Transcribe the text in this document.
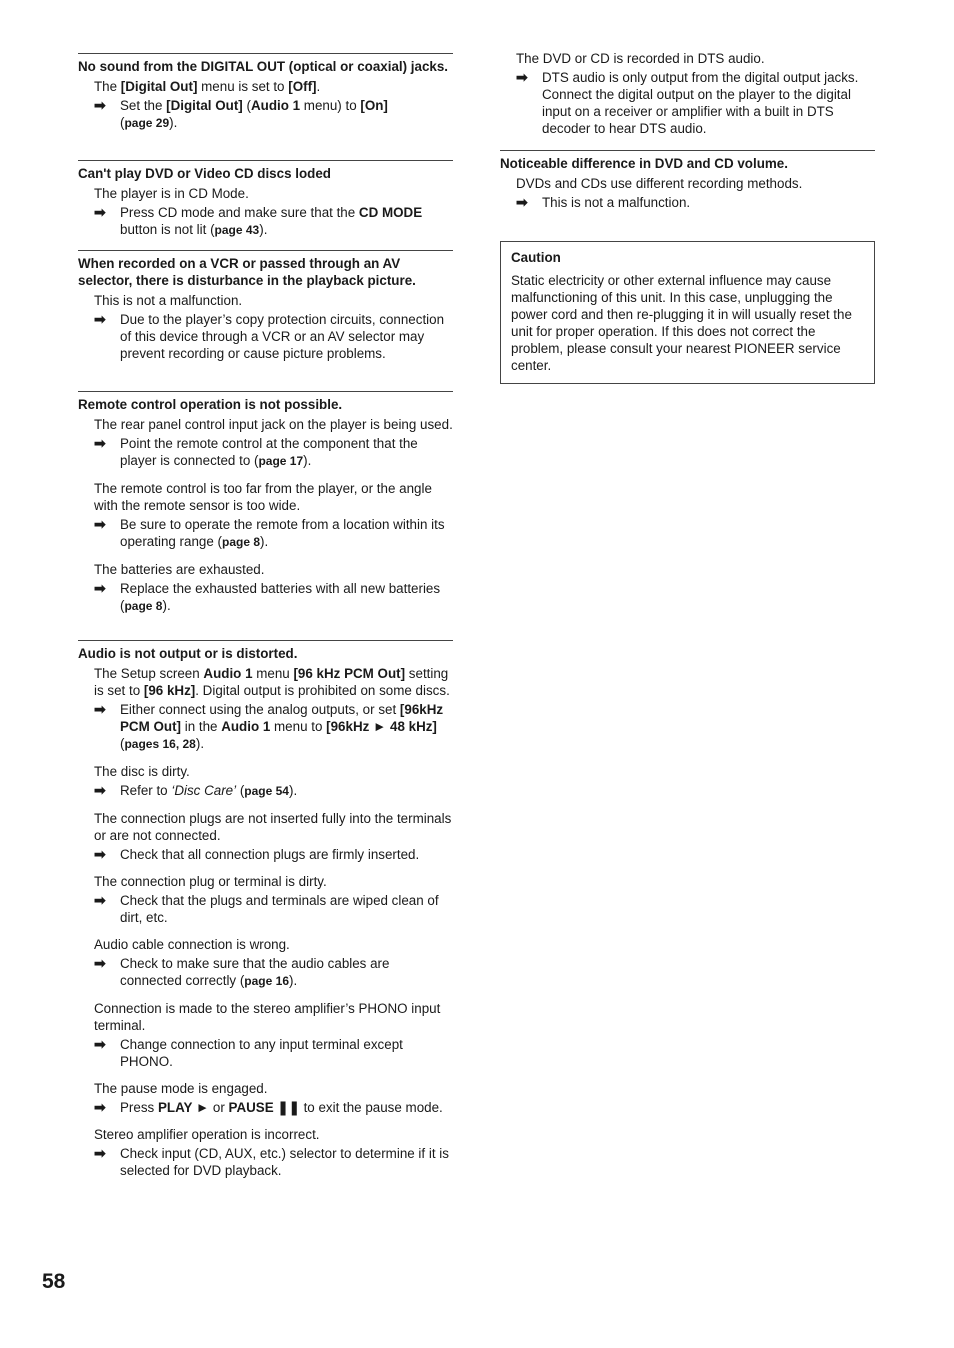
No sound from the DIGITAL OUT (optical or coaxial) jacks.

The [Digital Out] menu is set to [Off].

➡ Set the [Digital Out] (Audio 1 menu) to [On]
(page 29).

Can't play DVD or Video CD discs loded

The player is in CD Mode.

➡ Press CD mode and make sure that the CD MODE button is not lit (page 43).

When recorded on a VCR or passed through an AV selector, there is disturbance in the playback picture.

This is not a malfunction.

➡ Due to the player’s copy protection circuits, connection of this device through a VCR or an AV selector may prevent recording or cause picture problems.

Remote control operation is not possible.

The rear panel control input jack on the player is being used.

➡ Point the remote control at the component that the player is connected to (page 17).

The remote control is too far from the player, or the angle with the remote sensor is too wide.

➡ Be sure to operate the remote from a location within its operating range (page 8).

The batteries are exhausted.

➡ Replace the exhausted batteries with all new batteries (page 8).

Audio is not output or is distorted.

The Setup screen Audio 1 menu [96 kHz PCM Out] setting is set to [96 kHz]. Digital output is prohibited on some discs.

➡ Either connect using the analog outputs, or set [96kHz PCM Out] in the Audio 1 menu to [96kHz ► 48 kHz] (pages 16, 28).

The disc is dirty.

➡ Refer to ‘Disc Care’ (page 54).

The connection plugs are not inserted fully into the terminals or are not connected.

➡ Check that all connection plugs are firmly inserted.

The connection plug or terminal is dirty.

➡ Check that the plugs and terminals are wiped clean of dirt, etc.

Audio cable connection is wrong.

➡ Check to make sure that the audio cables are connected correctly (page 16).

Connection is made to the stereo amplifier’s PHONO input terminal.

➡ Change connection to any input terminal except PHONO.

The pause mode is engaged.

➡ Press PLAY ► or PAUSE ❚❚ to exit the pause mode.

Stereo amplifier operation is incorrect.

➡ Check input (CD, AUX, etc.) selector to determine if it is selected for DVD playback.

The DVD or CD is recorded in DTS audio.

➡ DTS audio is only output from the digital output jacks. Connect the digital output on the player to the digital input on a receiver or amplifier with a built in DTS decoder to hear DTS audio.

Noticeable difference in DVD and CD volume.

DVDs and CDs use different recording methods.

➡ This is not a malfunction.

Caution
Static electricity or other external influence may cause malfunctioning of this unit. In this case, unplugging the power cord and then re-plugging it in will usually reset the unit for proper operation. If this does not correct the problem, please consult your nearest PIONEER service center.
58
